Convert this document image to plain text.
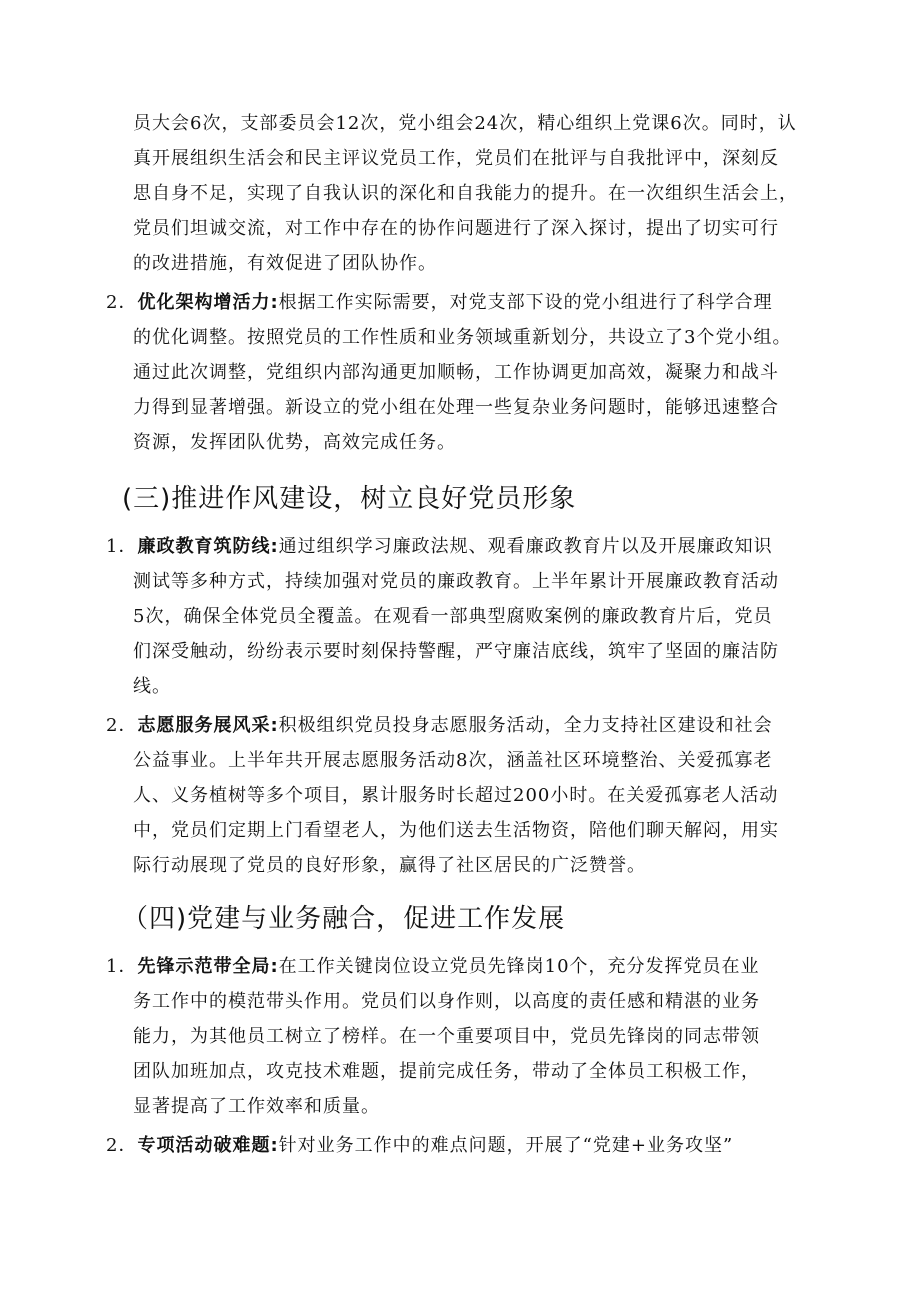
员大会6次，支部委员会12次，党小组会24次，精心组织上党课6次。同时，认
真开展组织生活会和民主评议党员工作，党员们在批评与自我批评中，深刻反
思自身不足，实现了自我认识的深化和自我能力的提升。在一次组织生活会上，
党员们坦诚交流，对工作中存在的协作问题进行了深入探讨，提出了切实可行
的改进措施，有效促进了团队协作。
2．优化架构增活力:根据工作实际需要，对党支部下设的党小组进行了科学合理
的优化调整。按照党员的工作性质和业务领域重新划分，共设立了3个党小组。
通过此次调整，党组织内部沟通更加顺畅，工作协调更加高效，凝聚力和战斗
力得到显著增强。新设立的党小组在处理一些复杂业务问题时，能够迅速整合
资源，发挥团队优势，高效完成任务。
(三)推进作风建设，树立良好党员形象
1．廉政教育筑防线:通过组织学习廉政法规、观看廉政教育片以及开展廉政知识
测试等多种方式，持续加强对党员的廉政教育。上半年累计开展廉政教育活动
5次，确保全体党员全覆盖。在观看一部典型腐败案例的廉政教育片后，党员
们深受触动，纷纷表示要时刻保持警醒，严守廉洁底线，筑牢了坚固的廉洁防
线。
2．志愿服务展风采:积极组织党员投身志愿服务活动，全力支持社区建设和社会
公益事业。上半年共开展志愿服务活动8次，涵盖社区环境整治、关爱孤寡老
人、义务植树等多个项目，累计服务时长超过200小时。在关爱孤寡老人活动
中，党员们定期上门看望老人，为他们送去生活物资，陪他们聊天解闷，用实
际行动展现了党员的良好形象，赢得了社区居民的广泛赞誉。
（四)党建与业务融合，促进工作发展
1．先锋示范带全局:在工作关键岗位设立党员先锋岗10个，充分发挥党员在业
务工作中的模范带头作用。党员们以身作则，以高度的责任感和精湛的业务
能力，为其他员工树立了榜样。在一个重要项目中，党员先锋岗的同志带领
团队加班加点，攻克技术难题，提前完成任务，带动了全体员工积极工作，
显著提高了工作效率和质量。
2．专项活动破难题:针对业务工作中的难点问题，开展了“党建+业务攻坚”
